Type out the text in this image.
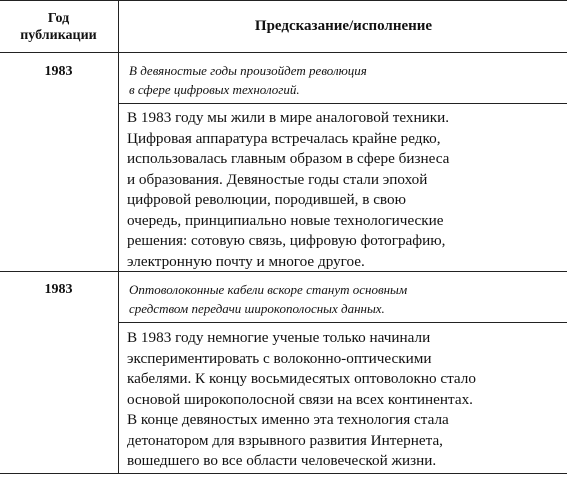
Год
публикации
Предсказание/исполнение
1983	В девяностые годы произойдет революция
в сфере цифровых технологий.
В 1983 году мы жили в мире аналоговой техники.
Цифровая аппаратура встречалась крайне редко,
использовалась главным образом в сфере бизнеса
и образования. Девяностые годы стали эпохой
цифровой революции, породившей, в свою
очередь, принципиально новые технологические
решения: сотовую связь, цифровую фотографию,
электронную почту и многое другое.
1983	Оптоволоконные кабели вскоре станут основным
средством передачи широкополосных данных.
В 1983 году немногие ученые только начинали
экспериментировать с волоконно-оптическими
кабелями. К концу восьмидесятых оптоволокно стало
основой широкополосной связи на всех континентах.
В конце девяностых именно эта технология стала
детонатором для взрывного развития Интернета,
вошедшего во все области человеческой жизни.
